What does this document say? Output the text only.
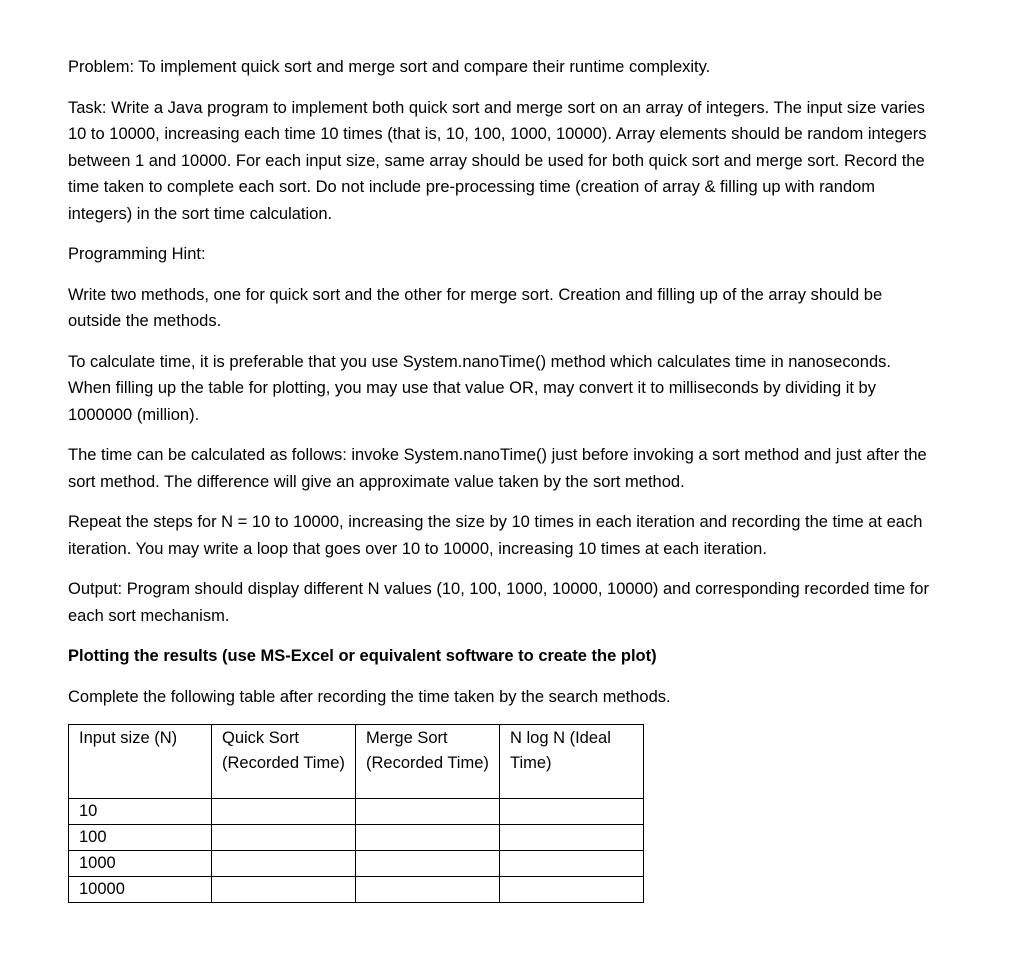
Problem: To implement quick sort and merge sort and compare their runtime complexity.

Task: Write a Java program to implement both quick sort and merge sort on an array of integers. The input size varies 10 to 10000, increasing each time 10 times (that is, 10, 100, 1000, 10000). Array elements should be random integers between 1 and 10000. For each input size, same array should be used for both quick sort and merge sort. Record the time taken to complete each sort. Do not include pre-processing time (creation of array & filling up with random integers) in the sort time calculation.

Programming Hint:

Write two methods, one for quick sort and the other for merge sort. Creation and filling up of the array should be outside the methods.

To calculate time, it is preferable that you use System.nanoTime() method which calculates time in nanoseconds. When filling up the table for plotting, you may use that value OR, may convert it to milliseconds by dividing it by 1000000 (million).

The time can be calculated as follows: invoke System.nanoTime() just before invoking a sort method and just after the sort method. The difference will give an approximate value taken by the sort method.

Repeat the steps for N = 10 to 10000, increasing the size by 10 times in each iteration and recording the time at each iteration. You may write a loop that goes over 10 to 10000, increasing 10 times at each iteration.

Output: Program should display different N values (10, 100, 1000, 10000, 10000) and corresponding recorded time for each sort mechanism.

Plotting the results (use MS-Excel or equivalent software to create the plot)

Complete the following table after recording the time taken by the search methods.

Input size (N)	Quick Sort (Recorded Time)	Merge Sort (Recorded Time)	N log N (Ideal Time)
10			
100			
1000			
10000			
